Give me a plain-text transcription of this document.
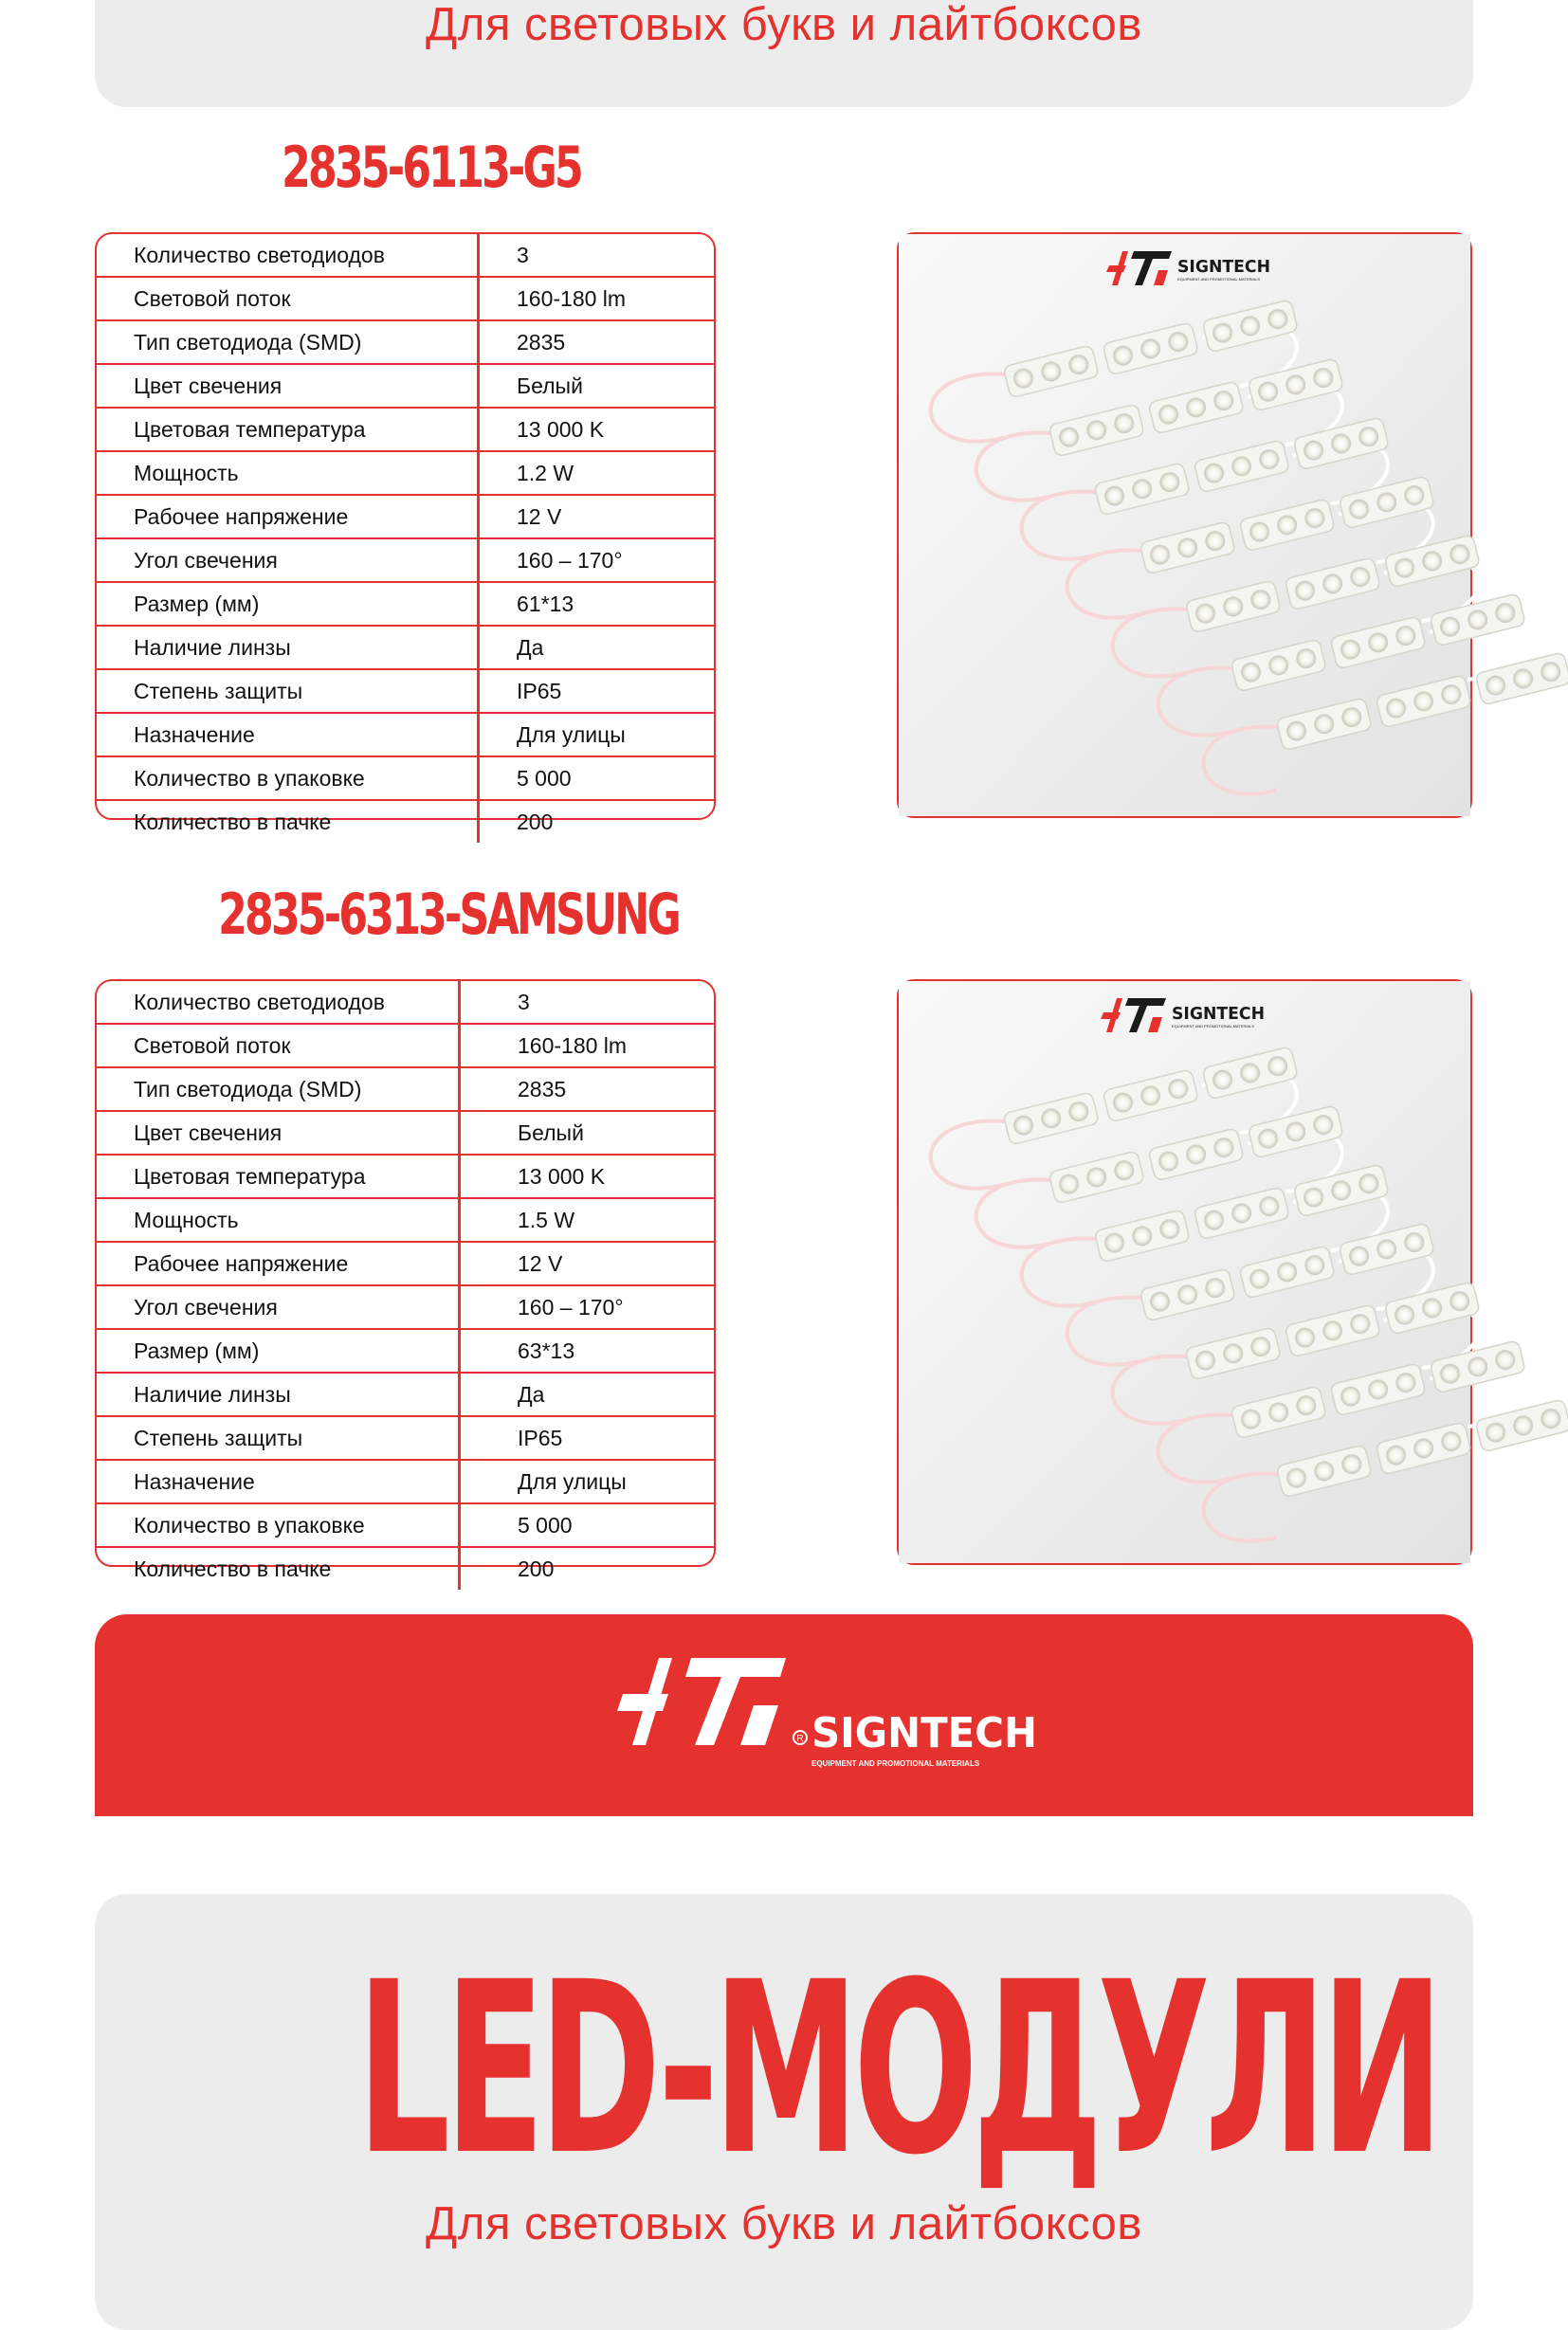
Для световых букв и лайтбоксов
2835-6113-G5
Количество светодиодов	3
Световой поток	160-180 lm
Тип светодиода (SMD)	2835
Цвет свечения	Белый
Цветовая температура	13 000 K
Мощность	1.2 W
Рабочее напряжение	12 V
Угол свечения	160 – 170°
Размер (мм)	61*13
Наличие линзы	Да
Степень защиты	IP65
Назначение	Для улицы
Количество в упаковке	5 000
Количество в пачке	200
SIGNTECH
EQUIPMENT AND PROMOTIONAL MATERIALS
2835-6313-SAMSUNG
Количество светодиодов	3
Световой поток	160-180 lm
Тип светодиода (SMD)	2835
Цвет свечения	Белый
Цветовая температура	13 000 K
Мощность	1.5 W
Рабочее напряжение	12 V
Угол свечения	160 – 170°
Размер (мм)	63*13
Наличие линзы	Да
Степень защиты	IP65
Назначение	Для улицы
Количество в упаковке	5 000
Количество в пачке	200
SIGNTECH
EQUIPMENT AND PROMOTIONAL MATERIALS
R SIGNTECH
EQUIPMENT AND PROMOTIONAL MATERIALS
LED-МОДУЛИ
Для световых букв и лайтбоксов
